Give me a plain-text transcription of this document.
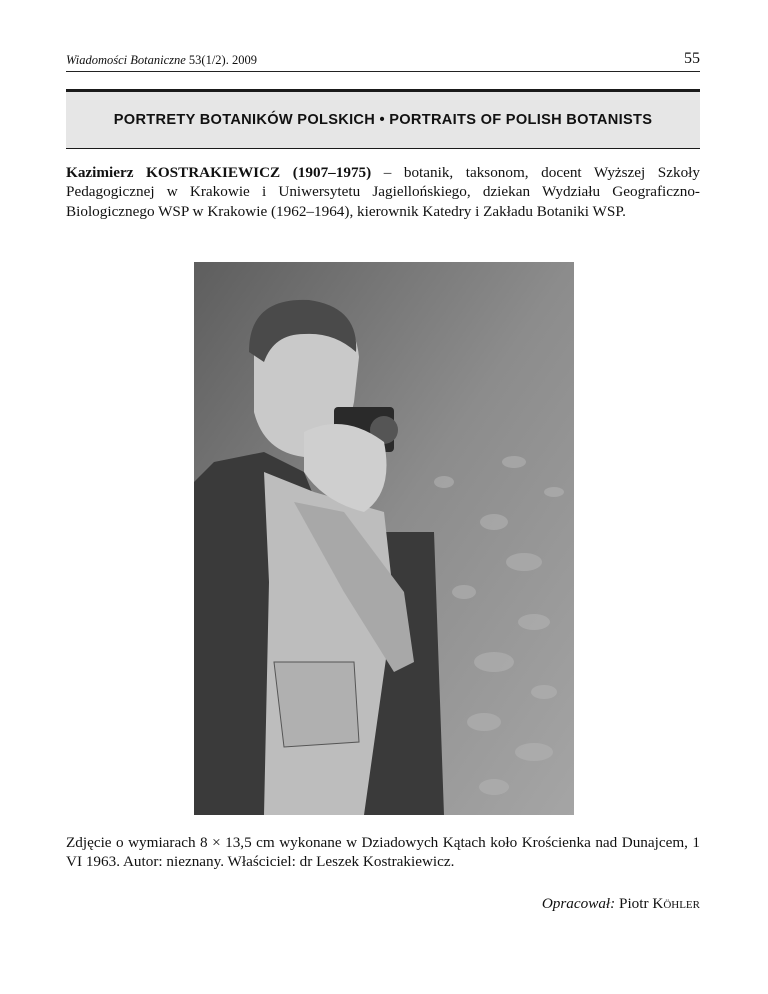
Wiadomości Botaniczne 53(1/2). 2009	55
PORTRETY BOTANIKÓW POLSKICH • PORTRAITS OF POLISH BOTANISTS
Kazimierz KOSTRAKIEWICZ (1907–1975) – botanik, taksonom, docent Wyższej Szkoły Pedagogicznej w Krakowie i Uniwersytetu Jagiellońskiego, dziekan Wydziału Geograficzno-Biologicznego WSP w Krakowie (1962–1964), kierownik Katedry i Zakładu Botaniki WSP.
Zdjęcie o wymiarach 8 × 13,5 cm wykonane w Dziadowych Kątach koło Krościenka nad Dunajcem, 1 VI 1963. Autor: nieznany. Właściciel: dr Leszek Kostrakiewicz.
Opracował: Piotr Köhler
